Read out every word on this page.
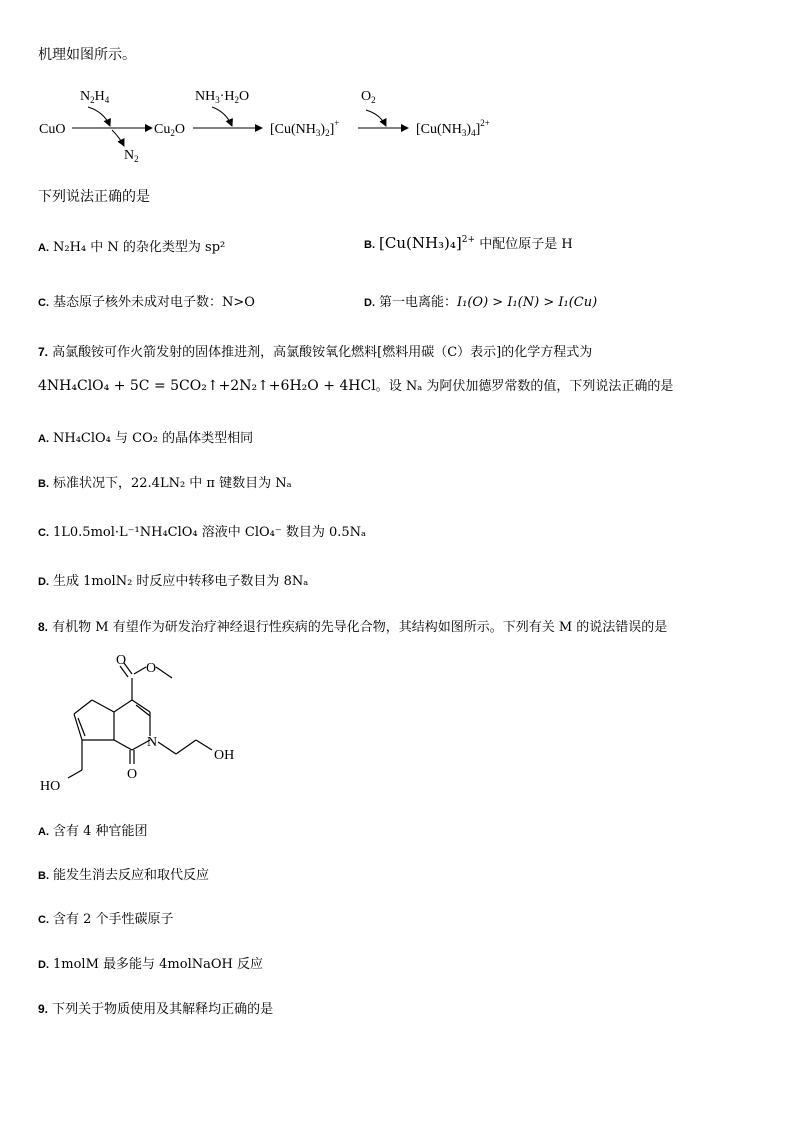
机理如图所示。
CuO
$N_2H_4$
$N_2$
$Cu_2O$
$NH_3\cdot H_2O$
$[Cu(NH_3)_2]^+$
$O_2$
$[Cu(NH_3)_4]^{2+}$
下列说法正确的是
A. N₂H₄ 中 N 的杂化类型为 sp²	B. $[Cu(NH_3)_4]^{2+}$ 中配位原子是 H
C. 基态原子核外未成对电子数：N>O	D. 第一电离能：I₁(O) > I₁(N) > I₁(Cu)
7. 高氯酸铵可作火箭发射的固体推进剂，高氯酸铵氧化燃料[燃料用碳（C）表示]的化学方程式为
4NH₄ClO₄ + 5C = 5CO₂↑+2N₂↑+6H₂O + 4HCl。设 Nₐ 为阿伏加德罗常数的值，下列说法正确的是
A. NH₄ClO₄ 与 CO₂ 的晶体类型相同
B. 标准状况下，22.4LN₂ 中 π 键数目为 Nₐ
C. 1L0.5mol·L⁻¹NH₄ClO₄ 溶液中 ClO₄⁻ 数目为 0.5Nₐ
D. 生成 1molN₂ 时反应中转移电子数目为 8Nₐ
8. 有机物 M 有望作为研发治疗神经退行性疾病的先导化合物，其结构如图所示。下列有关 M 的说法错误的是
O
O
N
O
OH
HO
A. 含有 4 种官能团
B. 能发生消去反应和取代反应
C. 含有 2 个手性碳原子
D. 1molM 最多能与 4molNaOH 反应
9. 下列关于物质使用及其解释均正确的是
